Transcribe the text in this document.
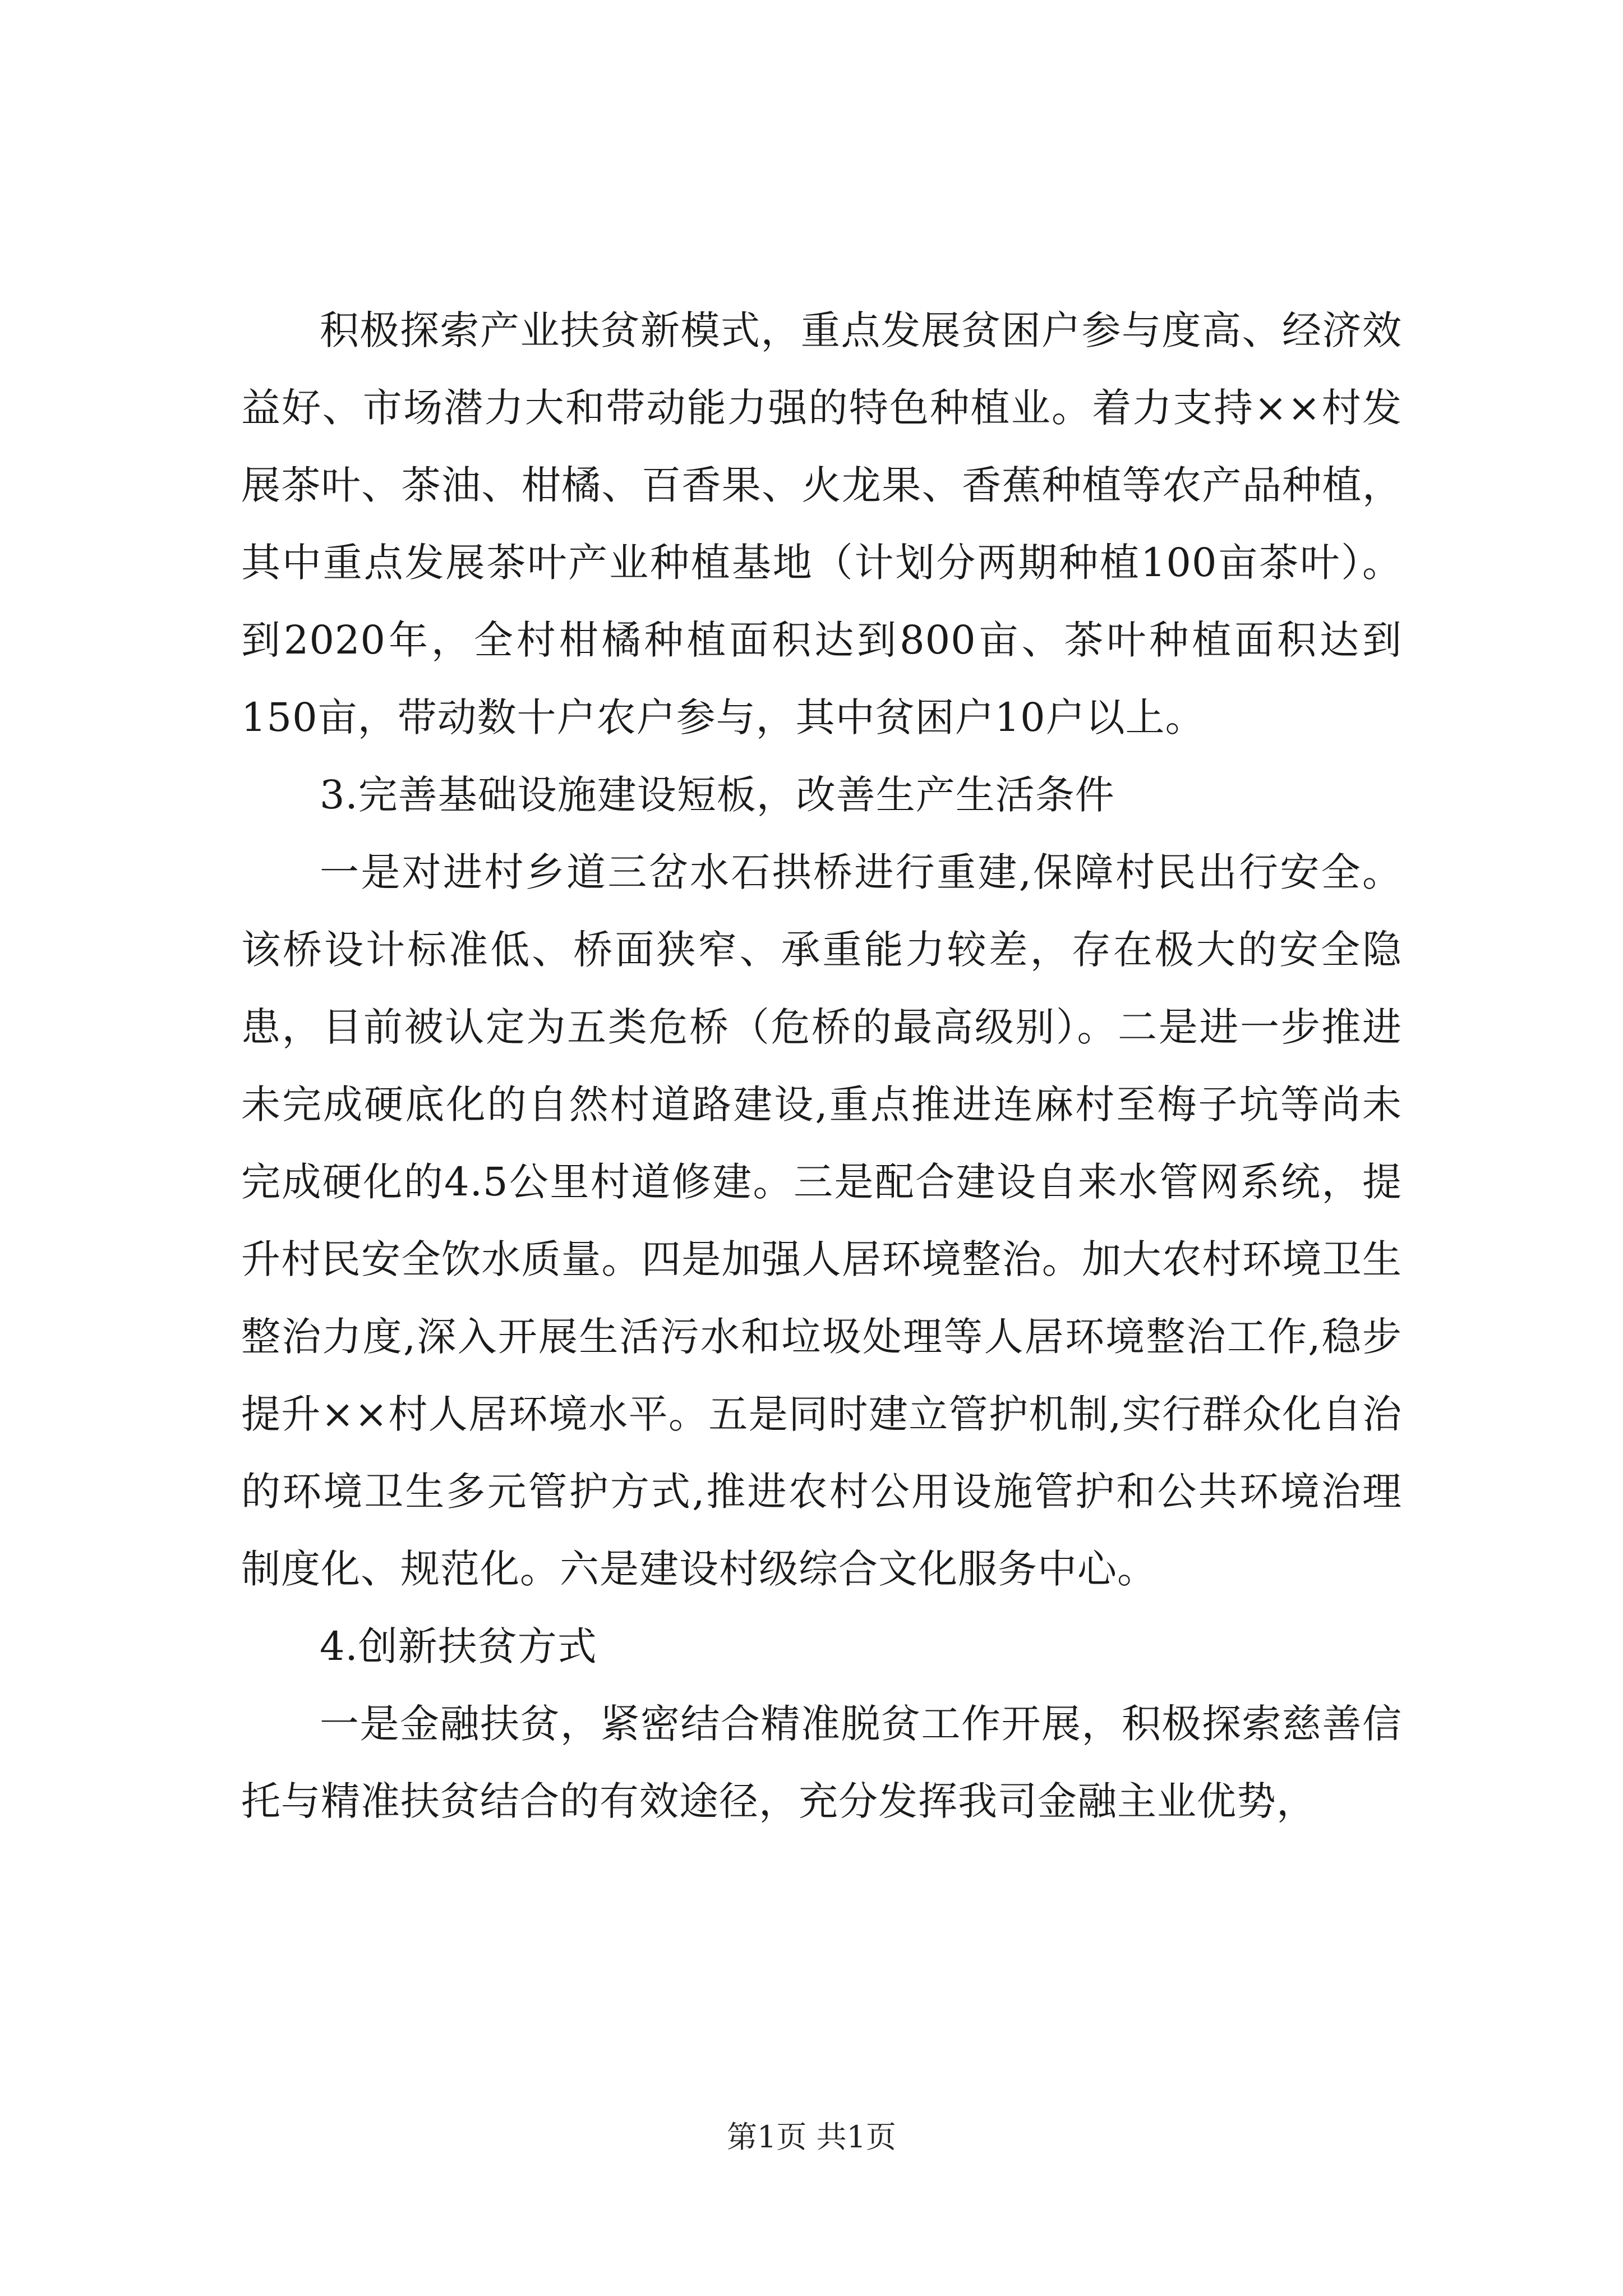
积极探索产业扶贫新模式，重点发展贫困户参与度高、经济效益好、市场潜力大和带动能力强的特色种植业。着力支持××村发展茶叶、茶油、柑橘、百香果、火龙果、香蕉种植等农产品种植，其中重点发展茶叶产业种植基地（计划分两期种植100亩茶叶）。到2020年，全村柑橘种植面积达到800亩、茶叶种植面积达到150亩，带动数十户农户参与，其中贫困户10户以上。

3.完善基础设施建设短板，改善生产生活条件

一是对进村乡道三岔水石拱桥进行重建,保障村民出行安全。该桥设计标准低、桥面狭窄、承重能力较差，存在极大的安全隐患，目前被认定为五类危桥（危桥的最高级别）。二是进一步推进未完成硬底化的自然村道路建设,重点推进连麻村至梅子坑等尚未完成硬化的4.5公里村道修建。三是配合建设自来水管网系统，提升村民安全饮水质量。四是加强人居环境整治。加大农村环境卫生整治力度,深入开展生活污水和垃圾处理等人居环境整治工作,稳步提升××村人居环境水平。五是同时建立管护机制,实行群众化自治的环境卫生多元管护方式,推进农村公用设施管护和公共环境治理制度化、规范化。六是建设村级综合文化服务中心。

4.创新扶贫方式

一是金融扶贫，紧密结合精准脱贫工作开展，积极探索慈善信托与精准扶贫结合的有效途径，充分发挥我司金融主业优势，

第1页 共1页
